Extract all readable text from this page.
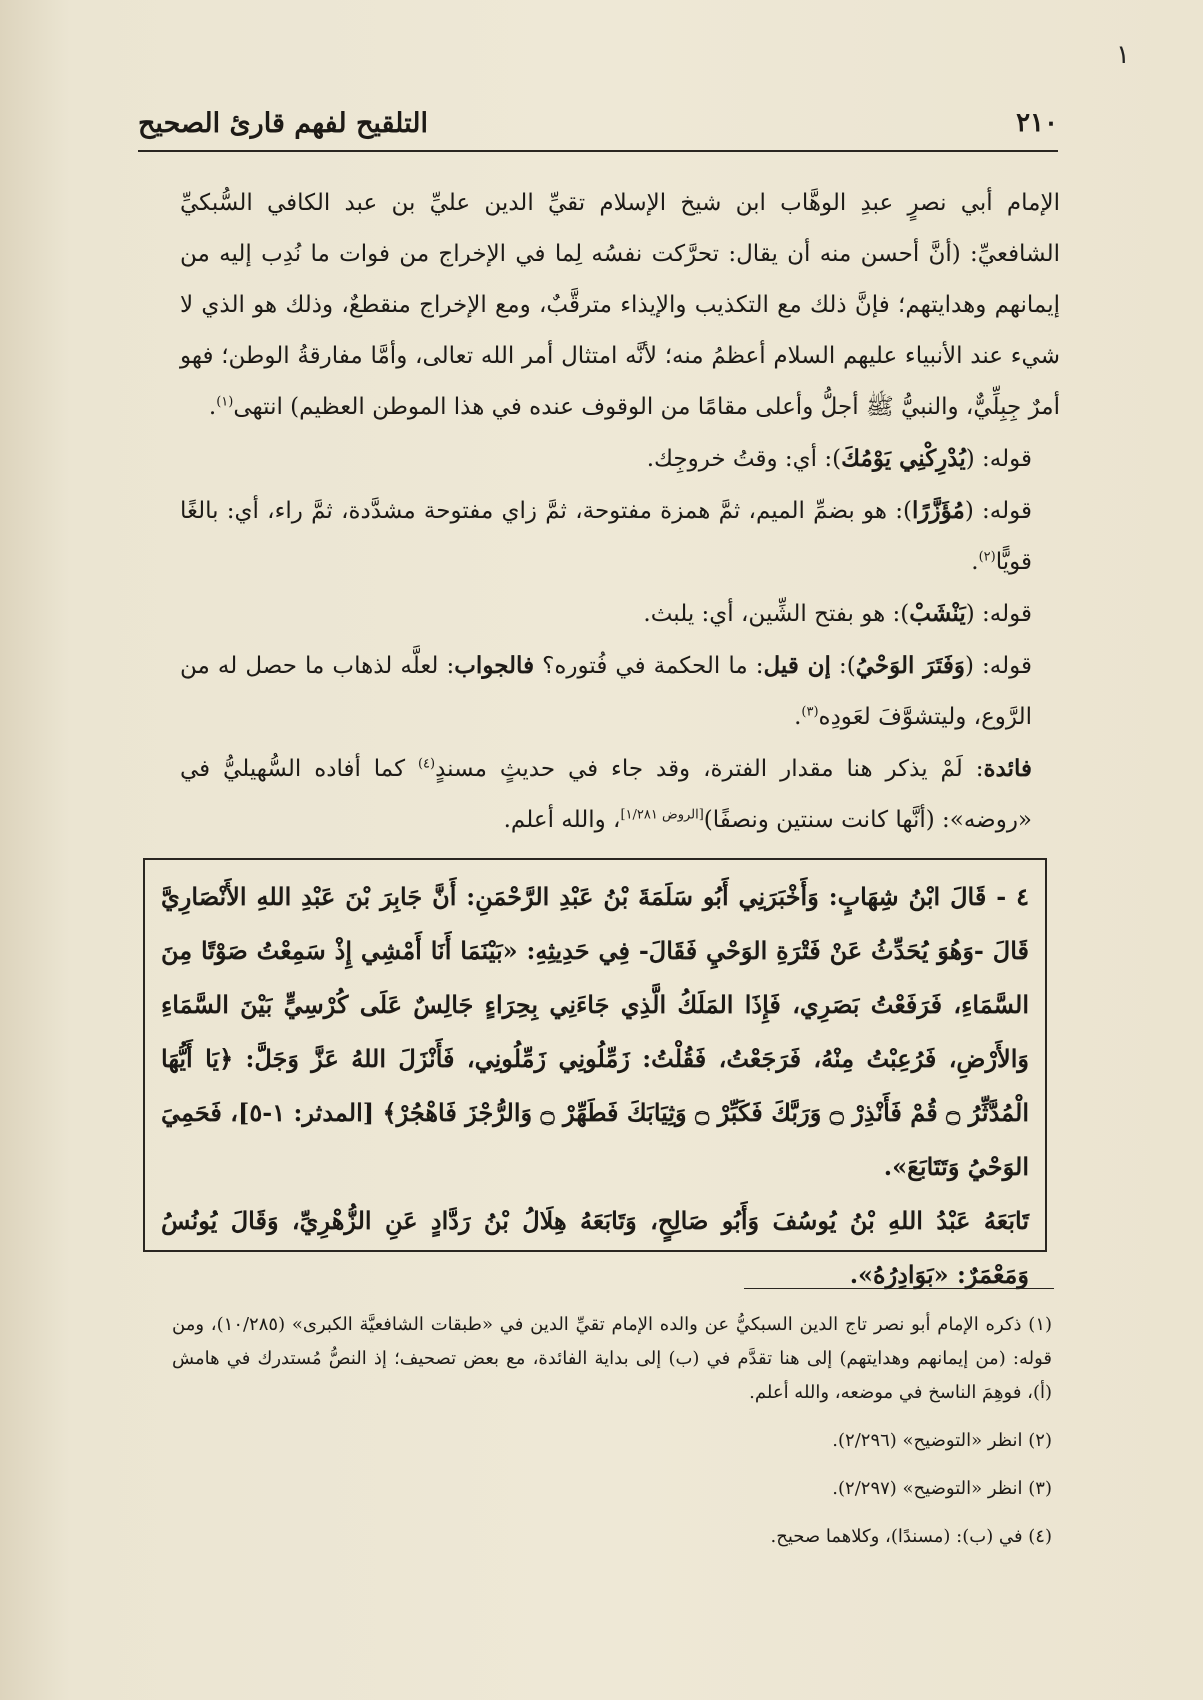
١
التلقيح لفهم قارئ الصحيح	٢١٠

الإمام أبي نصرٍ عبدِ الوهَّاب ابن شيخ الإسلام تقيِّ الدين عليِّ بن عبد الكافي السُّبكيِّ الشافعيِّ: (أنَّ أحسن منه أن يقال: تحرَّكت نفسُه لِما في الإخراج من فوات ما نُدِب إليه من إيمانهم وهدايتهم؛ فإنَّ ذلك مع التكذيب والإيذاء مترقَّبٌ، ومع الإخراج منقطعٌ، وذلك هو الذي لا شيء عند الأنبياء عليهم السلام أعظمُ منه؛ لأنَّه امتثال أمر الله تعالى، وأمَّا مفارقةُ الوطن؛ فهو أمرٌ جِبِلِّيٌّ، والنبيُّ ﷺ أجلُّ وأعلى مقامًا من الوقوف عنده في هذا الموطن العظيم) انتهى$^{(١)}$.

قوله: (يُدْرِكْنِي يَوْمُكَ): أي: وقتُ خروجِك.

قوله: (مُؤَزَّرًا): هو بضمِّ الميم، ثمَّ همزة مفتوحة، ثمَّ زاي مفتوحة مشدَّدة، ثمَّ راء، أي: بالغًا قويًّا$^{(٢)}$.

قوله: (يَنْشَبْ): هو بفتح الشِّين، أي: يلبث.

قوله: (وَفَتَرَ الوَحْيُ): إن قيل: ما الحكمة في فُتوره؟ فالجواب: لعلَّه لذهاب ما حصل له من الرَّوع، وليتشوَّفَ لعَودِه$^{(٣)}$.

فائدة: لَمْ يذكر هنا مقدار الفترة، وقد جاء في حديثٍ مسندٍ$^{(٤)}$ كما أفاده السُّهيليُّ في «روضه»: (أنَّها كانت سنتين ونصفًا)[الروض ١/٢٨١]، والله أعلم.

٤ - قَالَ ابْنُ شِهَابٍ: وَأَخْبَرَنِي أَبُو سَلَمَةَ بْنُ عَبْدِ الرَّحْمَنِ: أَنَّ جَابِرَ بْنَ عَبْدِ اللهِ الأَنْصَارِيَّ قَالَ -وَهُوَ يُحَدِّثُ عَنْ فَتْرَةِ الوَحْيِ فَقَالَ- فِي حَدِيثِهِ: «بَيْنَمَا أَنَا أَمْشِي إِذْ سَمِعْتُ صَوْتًا مِنَ السَّمَاءِ، فَرَفَعْتُ بَصَرِي، فَإِذَا المَلَكُ الَّذِي جَاءَنِي بِحِرَاءٍ جَالِسٌ عَلَى كُرْسِيٍّ بَيْنَ السَّمَاءِ وَالأَرْضِ، فَرُعِبْتُ مِنْهُ، فَرَجَعْتُ، فَقُلْتُ: زَمِّلُونِي زَمِّلُونِي، فَأَنْزَلَ اللهُ عَزَّ وَجَلَّ: ﴿يَا أَيُّهَا الْمُدَّثِّرُ ۝ قُمْ فَأَنْذِرْ ۝ وَرَبَّكَ فَكَبِّرْ ۝ وَثِيَابَكَ فَطَهِّرْ ۝ وَالرُّجْزَ فَاهْجُرْ﴾ [المدثر: ١-٥]، فَحَمِيَ الوَحْيُ وَتَتَابَعَ».

تَابَعَهُ عَبْدُ اللهِ بْنُ يُوسُفَ وَأَبُو صَالِحٍ، وَتَابَعَهُ هِلَالُ بْنُ رَدَّادٍ عَنِ الزُّهْرِيِّ، وَقَالَ يُونُسُ وَمَعْمَرٌ: «بَوَادِرُهُ».

(١) ذكره الإمام أبو نصر تاج الدين السبكيُّ عن والده الإمام تقيِّ الدين في «طبقات الشافعيَّة الكبرى» (١٠/٢٨٥)، ومن قوله: (من إيمانهم وهدايتهم) إلى هنا تقدَّم في (ب) إلى بداية الفائدة، مع بعض تصحيف؛ إذ النصُّ مُستدرك في هامش (أ)، فوهِمَ الناسخ في موضعه، والله أعلم.

(٢) انظر «التوضيح» (٢/٢٩٦).

(٣) انظر «التوضيح» (٢/٢٩٧).

(٤) في (ب): (مسندًا)، وكلاهما صحيح.
